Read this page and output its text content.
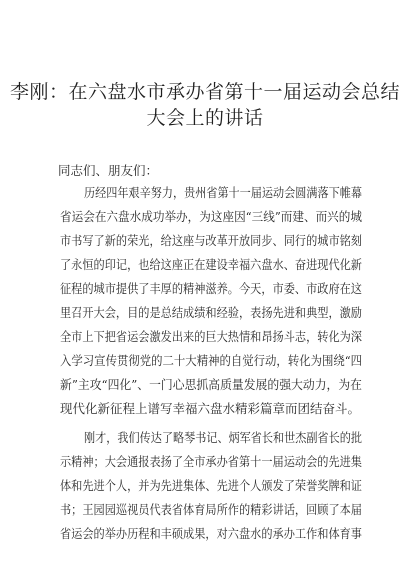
李刚：在六盘水市承办省第十一届运动会总结
大会上的讲话
同志们、朋友们：
历经四年艰辛努力，贵州省第十一届运动会圆满落下帷幕
省运会在六盘水成功举办，为这座因“三线”而建、而兴的城
市书写了新的荣光，给这座与改革开放同步、同行的城市铭刻
了永恒的印记，也给这座正在建设幸福六盘水、奋进现代化新
征程的城市提供了丰厚的精神滋养。今天，市委、市政府在这
里召开大会，目的是总结成绩和经验，表扬先进和典型，激励
全市上下把省运会激发出来的巨大热情和昂扬斗志，转化为深
入学习宣传贯彻党的二十大精神的自觉行动，转化为围绕“四
新”主攻“四化”、一门心思抓高质量发展的强大动力，为在
现代化新征程上谱写幸福六盘水精彩篇章而团结奋斗。
刚才，我们传达了略琴书记、炳军省长和世杰副省长的批
示精神；大会通报表扬了全市承办省第十一届运动会的先进集
体和先进个人，并为先进集体、先进个人颁发了荣誉奖牌和证
书；王园园巡视员代表省体育局所作的精彩讲话，回顾了本届
省运会的举办历程和丰硕成果，对六盘水的承办工作和体育事
